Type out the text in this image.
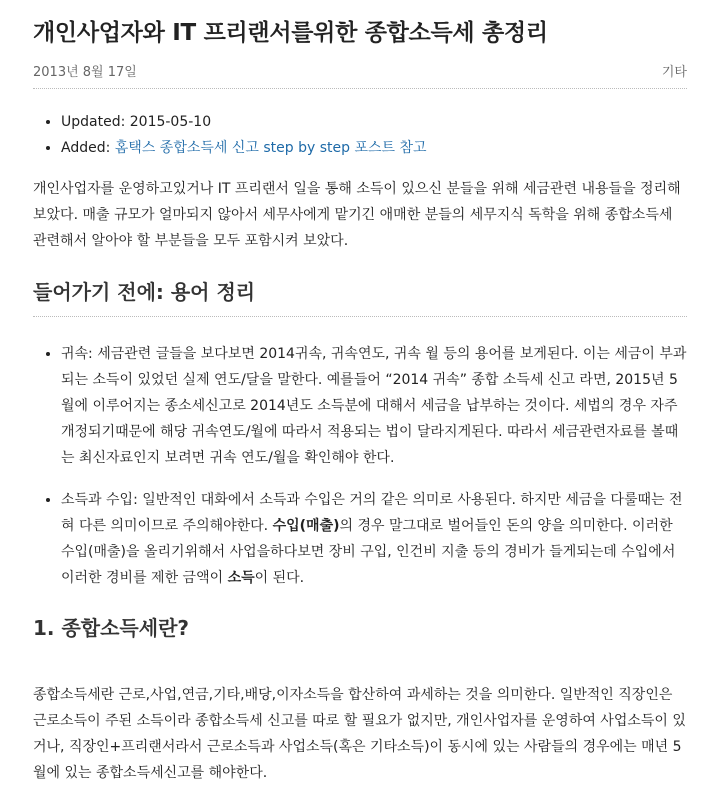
개인사업자와 IT 프리랜서를위한 종합소득세 총정리
2013년 8월 17일	기타
• Updated: 2015-05-10
• Added: 홈택스 종합소득세 신고 step by step 포스트 참고

개인사업자를 운영하고있거나 IT 프리랜서 일을 통해 소득이 있으신 분들을 위해 세금관련 내용들을 정리해 보았다. 매출 규모가 얼마되지 않아서 세무사에게 맡기긴 애매한 분들의 세무지식 독학을 위해 종합소득세 관련해서 알아야 할 부분들을 모두 포함시켜 보았다.

들어가기 전에: 용어 정리
• 귀속: 세금관련 글들을 보다보면 2014귀속, 귀속연도, 귀속 월 등의 용어를 보게된다. 이는 세금이 부과되는 소득이 있었던 실제 연도/달을 말한다. 예를들어 “2014 귀속” 종합 소득세 신고 라면, 2015년 5월에 이루어지는 종소세신고로 2014년도 소득분에 대해서 세금을 납부하는 것이다. 세법의 경우 자주 개정되기때문에 해당 귀속연도/월에 따라서 적용되는 법이 달라지게된다. 따라서 세금관련자료를 볼때는 최신자료인지 보려면 귀속 연도/월을 확인해야 한다.
• 소득과 수입: 일반적인 대화에서 소득과 수입은 거의 같은 의미로 사용된다. 하지만 세금을 다룰때는 전혀 다른 의미이므로 주의해야한다. 수입(매출)의 경우 말그대로 벌어들인 돈의 양을 의미한다. 이러한 수입(매출)을 올리기위해서 사업을하다보면 장비 구입, 인건비 지출 등의 경비가 들게되는데 수입에서 이러한 경비를 제한 금액이 소득이 된다.
1. 종합소득세란?

종합소득세란 근로,사업,연금,기타,배당,이자소득을 합산하여 과세하는 것을 의미한다. 일반적인 직장인은 근로소득이 주된 소득이라 종합소득세 신고를 따로 할 필요가 없지만, 개인사업자를 운영하여 사업소득이 있거나, 직장인+프리랜서라서 근로소득과 사업소득(혹은 기타소득)이 동시에 있는 사람들의 경우에는 매년 5월에 있는 종합소득세신고를 해야한다.
